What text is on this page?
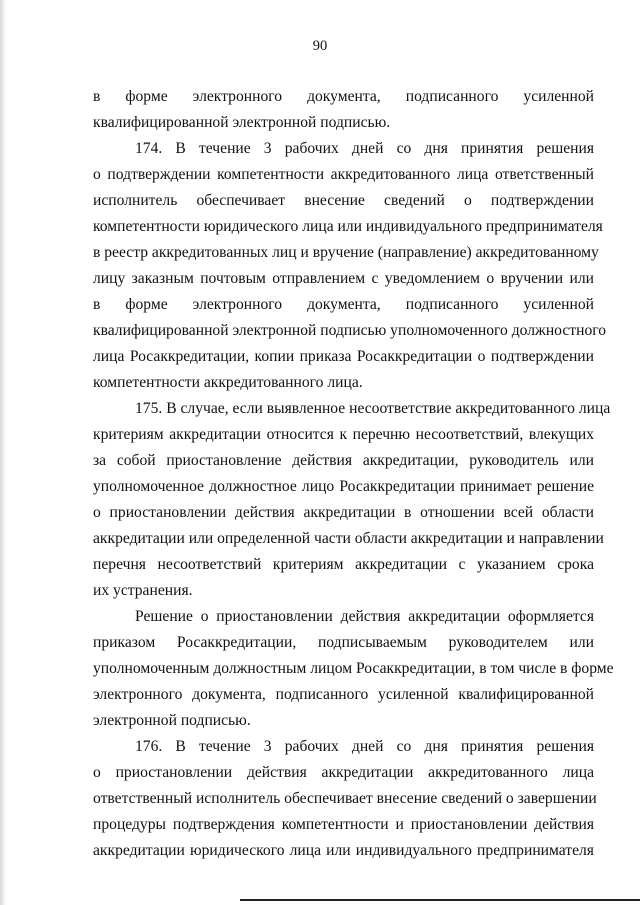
90
в форме электронного документа, подписанного усиленной
квалифицированной электронной подписью.
174. В течение 3 рабочих дней со дня принятия решения
о подтверждении компетентности аккредитованного лица ответственный
исполнитель обеспечивает внесение сведений о подтверждении
компетентности юридического лица или индивидуального предпринимателя
в реестр аккредитованных лиц и вручение (направление) аккредитованному
лицу заказным почтовым отправлением с уведомлением о вручении или
в форме электронного документа, подписанного усиленной
квалифицированной электронной подписью уполномоченного должностного
лица Росаккредитации, копии приказа Росаккредитации о подтверждении
компетентности аккредитованного лица.
175. В случае, если выявленное несоответствие аккредитованного лица
критериям аккредитации относится к перечню несоответствий, влекущих
за собой приостановление действия аккредитации, руководитель или
уполномоченное должностное лицо Росаккредитации принимает решение
о приостановлении действия аккредитации в отношении всей области
аккредитации или определенной части области аккредитации и направлении
перечня несоответствий критериям аккредитации с указанием срока
их устранения.
Решение о приостановлении действия аккредитации оформляется
приказом Росаккредитации, подписываемым руководителем или
уполномоченным должностным лицом Росаккредитации, в том числе в форме
электронного документа, подписанного усиленной квалифицированной
электронной подписью.
176. В течение 3 рабочих дней со дня принятия решения
о приостановлении действия аккредитации аккредитованного лица
ответственный исполнитель обеспечивает внесение сведений о завершении
процедуры подтверждения компетентности и приостановлении действия
аккредитации юридического лица или индивидуального предпринимателя
